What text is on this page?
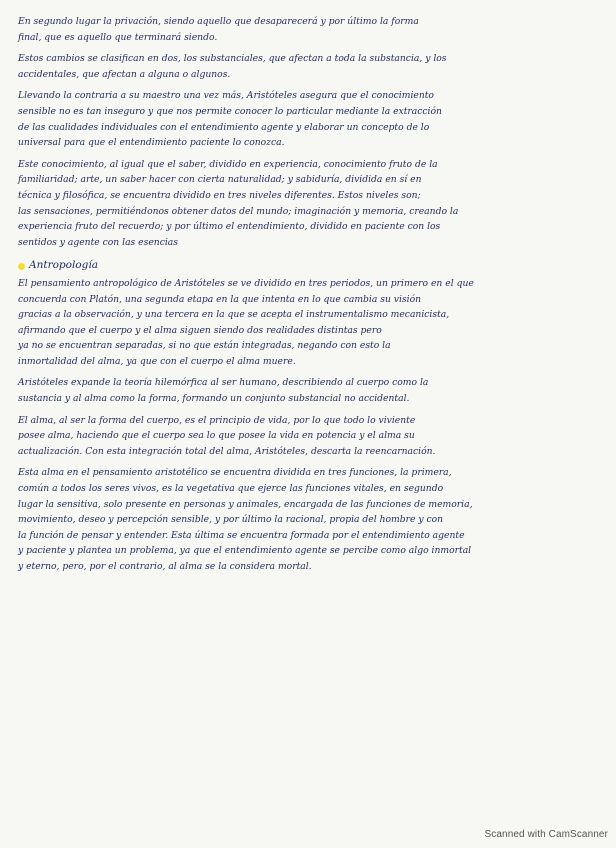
En segundo lugar la privación, siendo aquello que desaparecerá y por último la forma
final, que es aquello que terminará siendo.

Estos cambios se clasifican en dos, los substanciales, que afectan a toda la substancia, y los
accidentales, que afectan a alguna o algunos.

Llevando la contraria a su maestro una vez más, Aristóteles asegura que el conocimiento
sensible no es tan inseguro y que nos permite conocer lo particular mediante la extracción
de las cualidades individuales con el entendimiento agente y elaborar un concepto de lo
universal para que el entendimiento paciente lo conozca.

Este conocimiento, al igual que el saber, dividido en experiencia, conocimiento fruto de la
familiaridad; arte, un saber hacer con cierta naturalidad; y sabiduría, dividida en sí en
técnica y filosófica, se encuentra dividido en tres niveles diferentes. Estos niveles son;
las sensaciones, permitiéndonos obtener datos del mundo; imaginación y memoria, creando la
experiencia fruto del recuerdo; y por último el entendimiento, dividido en paciente con los
sentidos y agente con las esencias

Antropología

El pensamiento antropológico de Aristóteles se ve dividido en tres periodos, un primero en el que
concuerda con Platón, una segunda etapa en la que intenta en lo que cambia su visión
gracias a la observación, y una tercera en la que se acepta el instrumentalismo mecanicista,
afirmando que el cuerpo y el alma siguen siendo dos realidades distintas pero
ya no se encuentran separadas, si no que están integradas, negando con esto la
inmortalidad del alma, ya que con el cuerpo el alma muere.

Aristóteles expande la teoría hilemórfica al ser humano, describiendo al cuerpo como la
sustancia y al alma como la forma, formando un conjunto substancial no accidental.

El alma, al ser la forma del cuerpo, es el principio de vida, por lo que todo lo viviente
posee alma, haciendo que el cuerpo sea lo que posee la vida en potencia y el alma su
actualización. Con esta integración total del alma, Aristóteles, descarta la reencarnación.

Esta alma en el pensamiento aristotélico se encuentra dividida en tres funciones, la primera,
común a todos los seres vivos, es la vegetativa que ejerce las funciones vitales, en segundo
lugar la sensitiva, solo presente en personas y animales, encargada de las funciones de memoria,
movimiento, deseo y percepción sensible, y por último la racional, propia del hombre y con
la función de pensar y entender. Esta última se encuentra formada por el entendimiento agente
y paciente y plantea un problema, ya que el entendimiento agente se percibe como algo inmortal
y eterno, pero, por el contrario, al alma se la considera mortal.

Scanned with CamScanner
